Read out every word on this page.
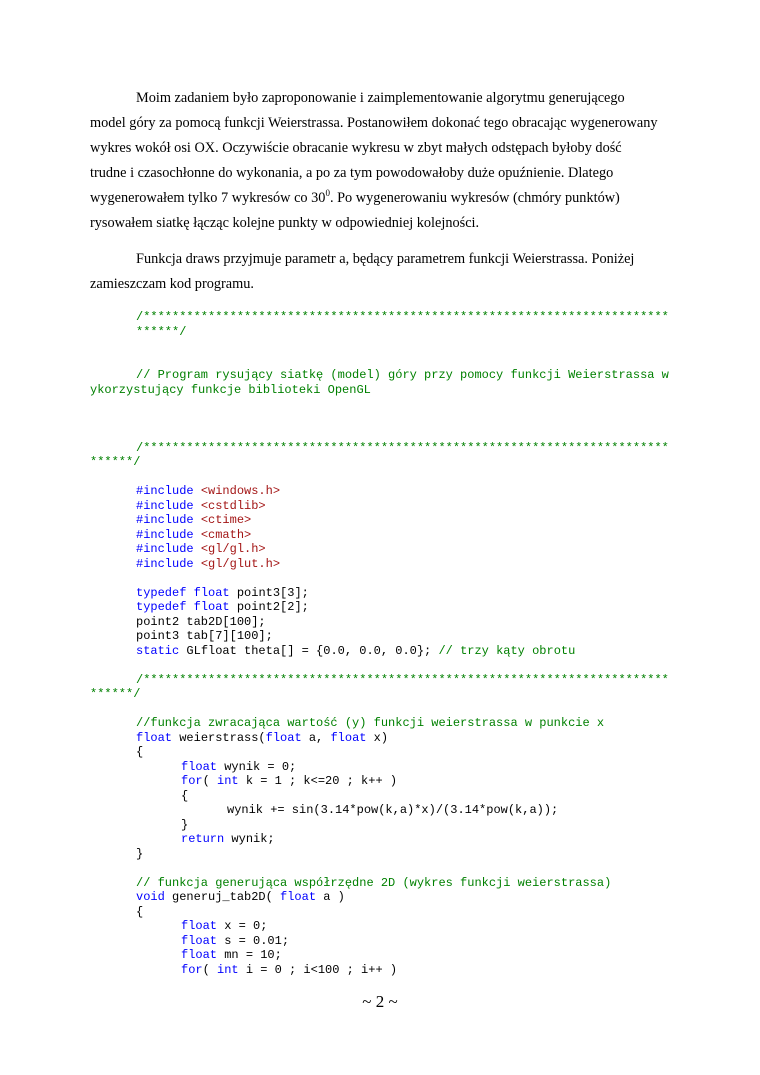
Moim zadaniem było zaproponowanie i zaimplementowanie algorytmu generującego model góry za pomocą funkcji Weierstrassa. Postanowiłem dokonać tego obracając wygenerowany wykres wokół osi OX. Oczywiście obracanie wykresu w zbyt małych odstępach byłoby dość trudne i czasochłonne do wykonania, a po za tym powodowałoby duże opuźnienie. Dlatego wygenerowałem tylko 7 wykresów co $30^0$. Po wygenerowaniu wykresów (chmóry punktów) rysowałem siatkę łącząc kolejne punkty w odpowiedniej kolejności.

Funkcja draws przyjmuje parametr a, będący parametrem funkcji Weierstrassa. Poniżej zamieszczam kod programu.

/*******************************************************************************/
// Program rysujący siatkę (model) góry przy pomocy funkcji Weierstrassa wykorzystujący funkcje biblioteki OpenGL
/*******************************************************************************/
#include <windows.h>
#include <cstdlib>
#include <ctime>
#include <cmath>
#include <gl/gl.h>
#include <gl/glut.h>
typedef float point3[3];
typedef float point2[2];
point2 tab2D[100];
point3 tab[7][100];
static GLfloat theta[] = {0.0, 0.0, 0.0}; // trzy kąty obrotu
/*******************************************************************************/
//funkcja zwracająca wartość (y) funkcji weierstrassa w punkcie x
float weierstrass(float a, float x)
{
float wynik = 0;
for( int k = 1 ; k<=20 ; k++ )
{
wynik += sin(3.14*pow(k,a)*x)/(3.14*pow(k,a));
}
return wynik;
}
// funkcja generująca współrzędne 2D (wykres funkcji weierstrassa)
void generuj_tab2D( float a )
{
float x = 0;
float s = 0.01;
float mn = 10;
for( int i = 0 ; i<100 ; i++ )
~ 2 ~
